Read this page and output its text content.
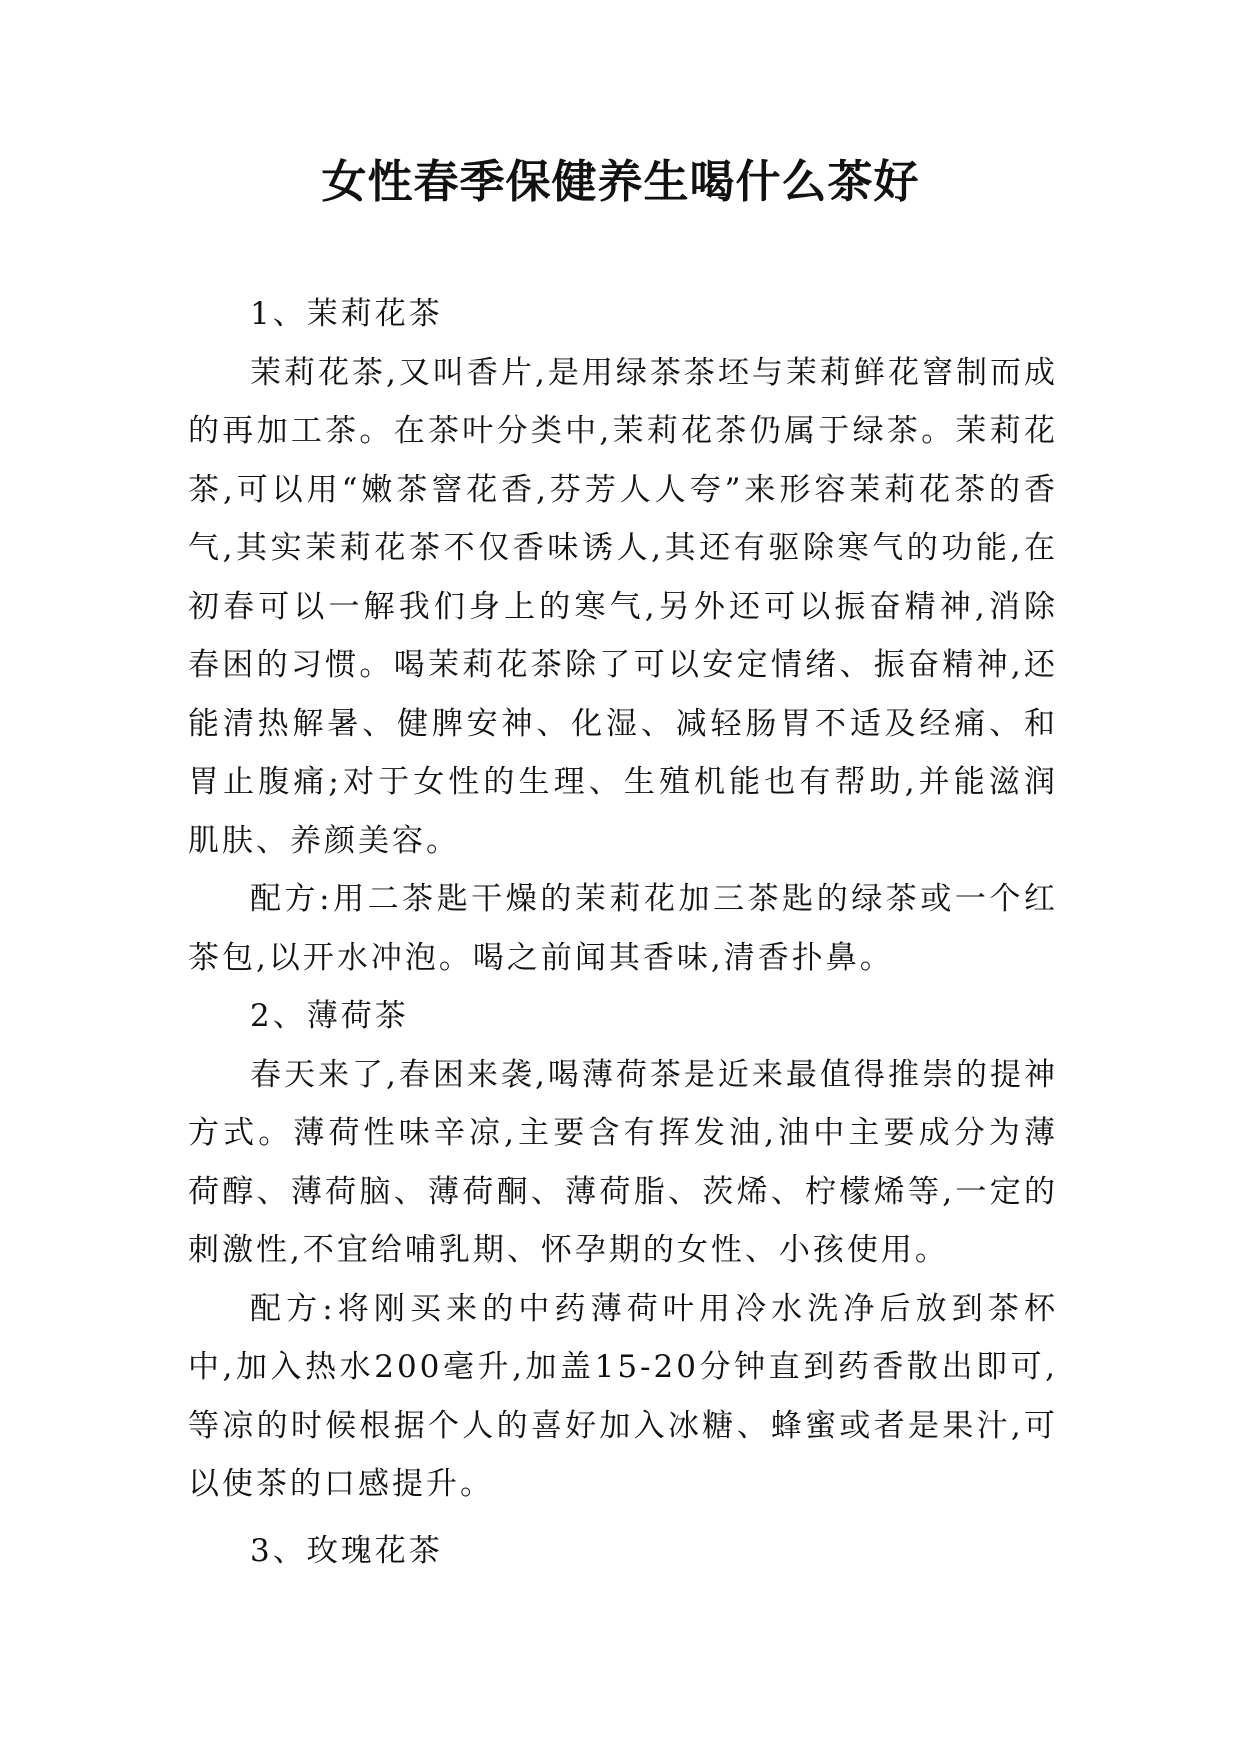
女性春季保健养生喝什么茶好

1、茉莉花茶

茉莉花茶,又叫香片,是用绿茶茶坯与茉莉鲜花窨制而成的再加工茶。在茶叶分类中,茉莉花茶仍属于绿茶。茉莉花茶,可以用“嫩茶窨花香,芬芳人人夸”来形容茉莉花茶的香气,其实茉莉花茶不仅香味诱人,其还有驱除寒气的功能,在初春可以一解我们身上的寒气,另外还可以振奋精神,消除春困的习惯。喝茉莉花茶除了可以安定情绪、振奋精神,还能清热解暑、健脾安神、化湿、减轻肠胃不适及经痛、和胃止腹痛;对于女性的生理、生殖机能也有帮助,并能滋润肌肤、养颜美容。

配方:用二茶匙干燥的茉莉花加三茶匙的绿茶或一个红茶包,以开水冲泡。喝之前闻其香味,清香扑鼻。

2、薄荷茶

春天来了,春困来袭,喝薄荷茶是近来最值得推崇的提神方式。薄荷性味辛凉,主要含有挥发油,油中主要成分为薄荷醇、薄荷脑、薄荷酮、薄荷脂、茨烯、柠檬烯等,一定的刺激性,不宜给哺乳期、怀孕期的女性、小孩使用。

配方:将刚买来的中药薄荷叶用冷水洗净后放到茶杯中,加入热水200毫升,加盖15-20分钟直到药香散出即可,等凉的时候根据个人的喜好加入冰糖、蜂蜜或者是果汁,可以使茶的口感提升。

3、玫瑰花茶
